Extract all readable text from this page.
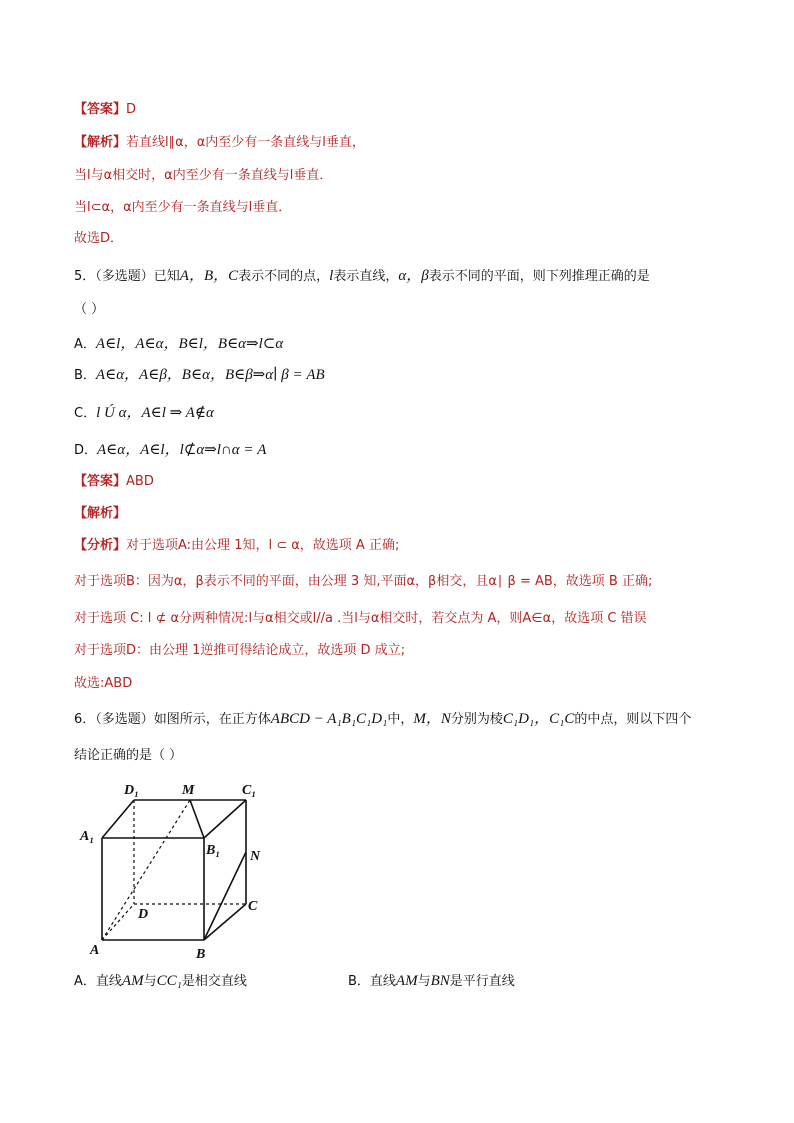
【答案】D
【解析】若直线l∥α，α内至少有一条直线与l垂直，
当l与α相交时，α内至少有一条直线与l垂直．
当l⊂α，α内至少有一条直线与l垂直．
故选D．
5．（多选题）已知A，B，C表示不同的点，l表示直线，α，β表示不同的平面，则下列推理正确的是
（ ）
A．A∈l，A∈α，B∈l，B∈α⇒l⊂α
B．A∈α，A∈β，B∈α，B∈β⇒α∣ β = AB
C．l Ú α，A∈l ⇒ A∉α
D．A∈α，A∈l，l⊄α⇒l∩α = A
【答案】ABD
【解析】
【分析】对于选项A:由公理 1知，l ⊂ α，故选项 A 正确;
对于选项B：因为α，β表示不同的平面，由公理 3 知,平面α，β相交，且α∣ β = AB，故选项 B 正确;
对于选项 C: l ⊄ α分两种情况:l与α相交或l//a .当l与α相交时，若交点为 A，则A∈α，故选项 C 错误
对于选项D：由公理 1逆推可得结论成立，故选项 D 成立;
故选:ABD
6．（多选题）如图所示，在正方体ABCD − A₁B₁C₁D₁中，M，N分别为棱C₁D₁，C₁C的中点，则以下四个
结论正确的是（ ）
D₁	M	C₁
A₁
B₁ N
D
C
A	B
A．直线AM与CC₁是相交直线	B．直线AM与BN是平行直线
